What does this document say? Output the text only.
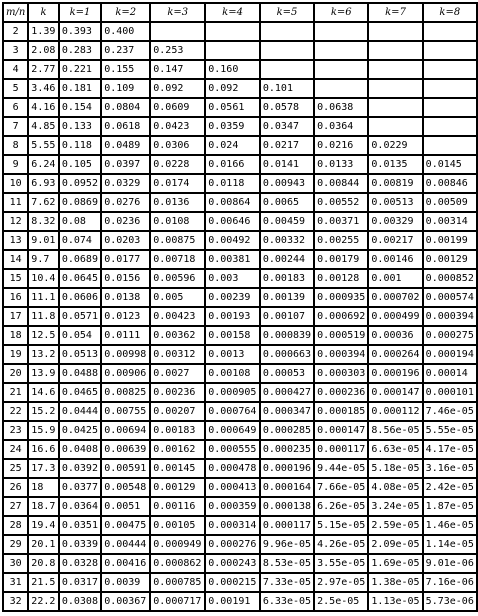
m/n	k	k=1	k=2	k=3	k=4	k=5	k=6	k=7	k=8
2	1.39	0.393	0.400						
3	2.08	0.283	0.237	0.253					
4	2.77	0.221	0.155	0.147	0.160				
5	3.46	0.181	0.109	0.092	0.092	0.101			
6	4.16	0.154	0.0804	0.0609	0.0561	0.0578	0.0638		
7	4.85	0.133	0.0618	0.0423	0.0359	0.0347	0.0364		
8	5.55	0.118	0.0489	0.0306	0.024	0.0217	0.0216	0.0229	
9	6.24	0.105	0.0397	0.0228	0.0166	0.0141	0.0133	0.0135	0.0145
10	6.93	0.0952	0.0329	0.0174	0.0118	0.00943	0.00844	0.00819	0.00846
11	7.62	0.0869	0.0276	0.0136	0.00864	0.0065	0.00552	0.00513	0.00509
12	8.32	0.08	0.0236	0.0108	0.00646	0.00459	0.00371	0.00329	0.00314
13	9.01	0.074	0.0203	0.00875	0.00492	0.00332	0.00255	0.00217	0.00199
14	9.7	0.0689	0.0177	0.00718	0.00381	0.00244	0.00179	0.00146	0.00129
15	10.4	0.0645	0.0156	0.00596	0.003	0.00183	0.00128	0.001	0.000852
16	11.1	0.0606	0.0138	0.005	0.00239	0.00139	0.000935	0.000702	0.000574
17	11.8	0.0571	0.0123	0.00423	0.00193	0.00107	0.000692	0.000499	0.000394
18	12.5	0.054	0.0111	0.00362	0.00158	0.000839	0.000519	0.00036	0.000275
19	13.2	0.0513	0.00998	0.00312	0.0013	0.000663	0.000394	0.000264	0.000194
20	13.9	0.0488	0.00906	0.0027	0.00108	0.00053	0.000303	0.000196	0.00014
21	14.6	0.0465	0.00825	0.00236	0.000905	0.000427	0.000236	0.000147	0.000101
22	15.2	0.0444	0.00755	0.00207	0.000764	0.000347	0.000185	0.000112	7.46e-05
23	15.9	0.0425	0.00694	0.00183	0.000649	0.000285	0.000147	8.56e-05	5.55e-05
24	16.6	0.0408	0.00639	0.00162	0.000555	0.000235	0.000117	6.63e-05	4.17e-05
25	17.3	0.0392	0.00591	0.00145	0.000478	0.000196	9.44e-05	5.18e-05	3.16e-05
26	18	0.0377	0.00548	0.00129	0.000413	0.000164	7.66e-05	4.08e-05	2.42e-05
27	18.7	0.0364	0.0051	0.00116	0.000359	0.000138	6.26e-05	3.24e-05	1.87e-05
28	19.4	0.0351	0.00475	0.00105	0.000314	0.000117	5.15e-05	2.59e-05	1.46e-05
29	20.1	0.0339	0.00444	0.000949	0.000276	9.96e-05	4.26e-05	2.09e-05	1.14e-05
30	20.8	0.0328	0.00416	0.000862	0.000243	8.53e-05	3.55e-05	1.69e-05	9.01e-06
31	21.5	0.0317	0.0039	0.000785	0.000215	7.33e-05	2.97e-05	1.38e-05	7.16e-06
32	22.2	0.0308	0.00367	0.000717	0.00191	6.33e-05	2.5e-05	1.13e-05	5.73e-06
